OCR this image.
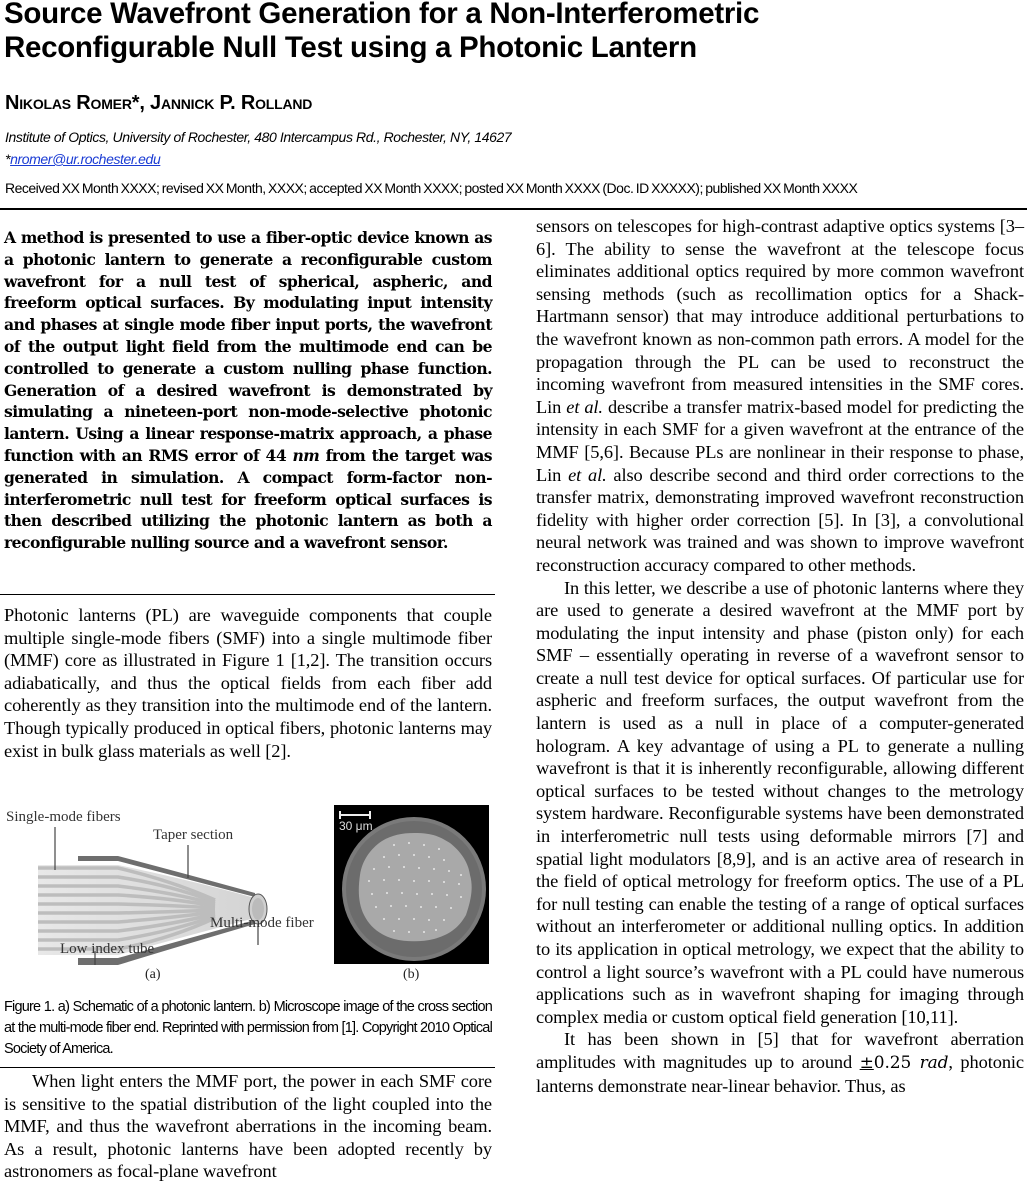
Source Wavefront Generation for a Non-Interferometric
Reconfigurable Null Test using a Photonic Lantern
Nikolas Romer*, Jannick P. Rolland
Institute of Optics, University of Rochester, 480 Intercampus Rd., Rochester, NY, 14627
*nromer@ur.rochester.edu
Received XX Month XXXX; revised XX Month, XXXX; accepted XX Month XXXX; posted XX Month XXXX (Doc. ID XXXXX); published XX Month XXXX

A method is presented to use a fiber-optic device known as a photonic lantern to generate a reconfigurable custom wavefront for a null test of spherical, aspheric, and freeform optical surfaces. By modulating input intensity and phases at single mode fiber input ports, the wavefront of the output light field from the multimode end can be controlled to generate a custom nulling phase function. Generation of a desired wavefront is demonstrated by simulating a nineteen-port non-mode-selective photonic lantern. Using a linear response-matrix approach, a phase function with an RMS error of 44 nm from the target was generated in simulation. A compact form-factor non-interferometric null test for freeform optical surfaces is then described utilizing the photonic lantern as both a reconfigurable nulling source and a wavefront sensor.

Photonic lanterns (PL) are waveguide components that couple multiple single-mode fibers (SMF) into a single multimode fiber (MMF) core as illustrated in Figure 1 [1,2]. The transition occurs adiabatically, and thus the optical fields from each fiber add coherently as they transition into the multimode end of the lantern. Though typically produced in optical fibers, photonic lanterns may exist in bulk glass materials as well [2].

Single-mode fibers
Taper section
Multi-mode fiber
Low index tube
(a)
30 μm
(b)
Figure 1. a) Schematic of a photonic lantern. b) Microscope image of the cross section at the multi-mode fiber end. Reprinted with permission from [1]. Copyright 2010 Optical Society of America.

When light enters the MMF port, the power in each SMF core is sensitive to the spatial distribution of the light coupled into the MMF, and thus the wavefront aberrations in the incoming beam. As a result, photonic lanterns have been adopted recently by astronomers as focal-plane wavefront

sensors on telescopes for high-contrast adaptive optics systems [3–6]. The ability to sense the wavefront at the telescope focus eliminates additional optics required by more common wavefront sensing methods (such as recollimation optics for a Shack-Hartmann sensor) that may introduce additional perturbations to the wavefront known as non-common path errors. A model for the propagation through the PL can be used to reconstruct the incoming wavefront from measured intensities in the SMF cores. Lin et al. describe a transfer matrix-based model for predicting the intensity in each SMF for a given wavefront at the entrance of the MMF [5,6]. Because PLs are nonlinear in their response to phase, Lin et al. also describe second and third order corrections to the transfer matrix, demonstrating improved wavefront reconstruction fidelity with higher order correction [5]. In [3], a convolutional neural network was trained and was shown to improve wavefront reconstruction accuracy compared to other methods.

In this letter, we describe a use of photonic lanterns where they are used to generate a desired wavefront at the MMF port by modulating the input intensity and phase (piston only) for each SMF – essentially operating in reverse of a wavefront sensor to create a null test device for optical surfaces. Of particular use for aspheric and freeform surfaces, the output wavefront from the lantern is used as a null in place of a computer-generated hologram. A key advantage of using a PL to generate a nulling wavefront is that it is inherently reconfigurable, allowing different optical surfaces to be tested without changes to the metrology system hardware. Reconfigurable systems have been demonstrated in interferometric null tests using deformable mirrors [7] and spatial light modulators [8,9], and is an active area of research in the field of optical metrology for freeform optics. The use of a PL for null testing can enable the testing of a range of optical surfaces without an interferometer or additional nulling optics. In addition to its application in optical metrology, we expect that the ability to control a light source’s wavefront with a PL could have numerous applications such as in wavefront shaping for imaging through complex media or custom optical field generation [10,11].

It has been shown in [5] that for wavefront aberration amplitudes with magnitudes up to around ±0.25 rad, photonic lanterns demonstrate near-linear behavior. Thus, as
